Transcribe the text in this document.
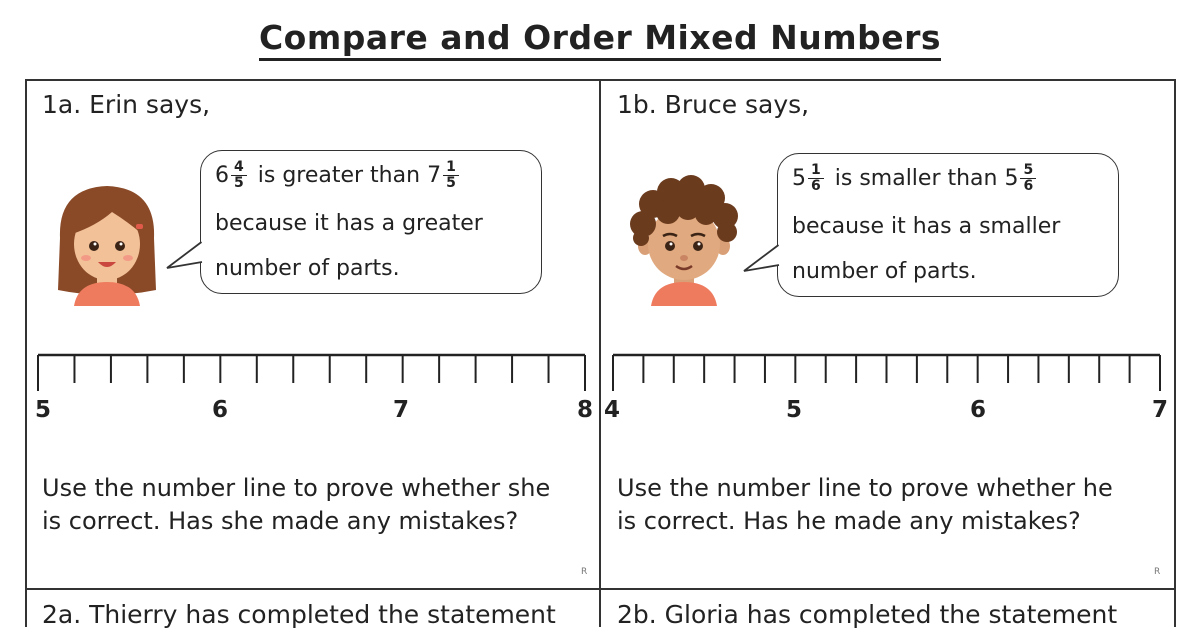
Compare and Order Mixed Numbers
1a. Erin says,
$6 \frac{4}{5}$ is greater than $7 \frac{1}{5}$
because it has a greater
number of parts.
5	6	7	8
Use the number line to prove whether she
is correct. Has she made any mistakes?
R
1b. Bruce says,
$5 \frac{1}{6}$ is smaller than $5 \frac{5}{6}$
because it has a smaller
number of parts.
4	5	6	7
Use the number line to prove whether he
is correct. Has he made any mistakes?
R
2a. Thierry has completed the statement 2b. Gloria has completed the statement
